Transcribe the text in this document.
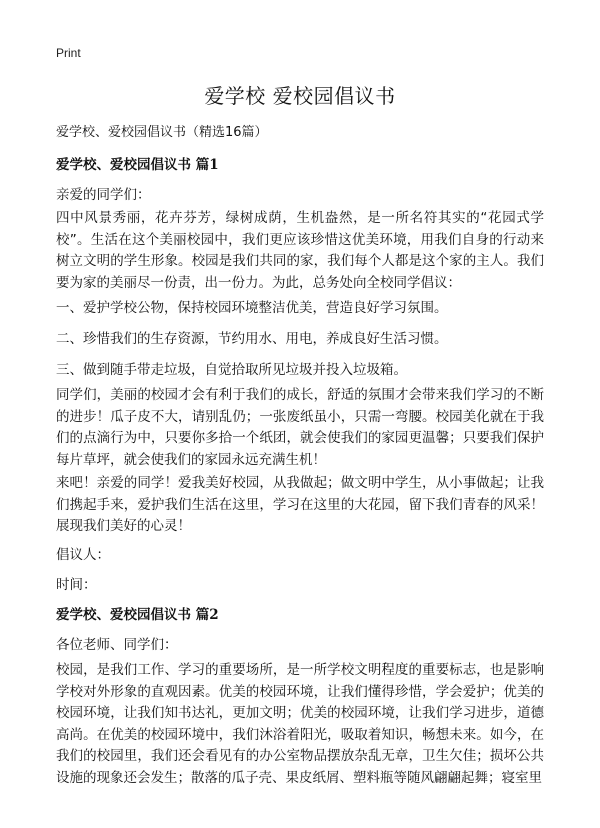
Print
爱学校 爱校园倡议书
爱学校、爱校园倡议书（精选16篇）
爱学校、爱校园倡议书 篇1
亲爱的同学们：
四中风景秀丽，花卉芬芳，绿树成荫，生机盎然，是一所名符其实的“花园式学校”。生活在这个美丽校园中，我们更应该珍惜这优美环境，用我们自身的行动来树立文明的学生形象。校园是我们共同的家，我们每个人都是这个家的主人。我们要为家的美丽尽一份责，出一份力。为此，总务处向全校同学倡议：
一、爱护学校公物，保持校园环境整洁优美，营造良好学习氛围。
二、珍惜我们的生存资源，节约用水、用电，养成良好生活习惯。
三、做到随手带走垃圾，自觉拾取所见垃圾并投入垃圾箱。
同学们，美丽的校园才会有利于我们的成长，舒适的氛围才会带来我们学习的不断的进步！瓜子皮不大，请别乱仍；一张废纸虽小，只需一弯腰。校园美化就在于我们的点滴行为中，只要你多拾一个纸团，就会使我们的家园更温馨；只要我们保护每片草坪，就会使我们的家园永远充满生机！
来吧！亲爱的同学！爱我美好校园，从我做起；做文明中学生，从小事做起；让我们携起手来，爱护我们生活在这里，学习在这里的大花园，留下我们青春的风采！展现我们美好的心灵！
倡议人：
时间：
爱学校、爱校园倡议书 篇2
各位老师、同学们：
校园，是我们工作、学习的重要场所，是一所学校文明程度的重要标志，也是影响学校对外形象的直观因素。优美的校园环境，让我们懂得珍惜，学会爱护；优美的校园环境，让我们知书达礼，更加文明；优美的校园环境，让我们学习进步，道德高尚。在优美的校园环境中，我们沐浴着阳光，吸取着知识，畅想未来。如今，在我们的校园里，我们还会看见有的办公室物品摆放杂乱无章，卫生欠佳；损坏公共设施的现象还会发生；散落的瓜子壳、果皮纸屑、塑料瓶等随风翩翩起舞；寝室里
